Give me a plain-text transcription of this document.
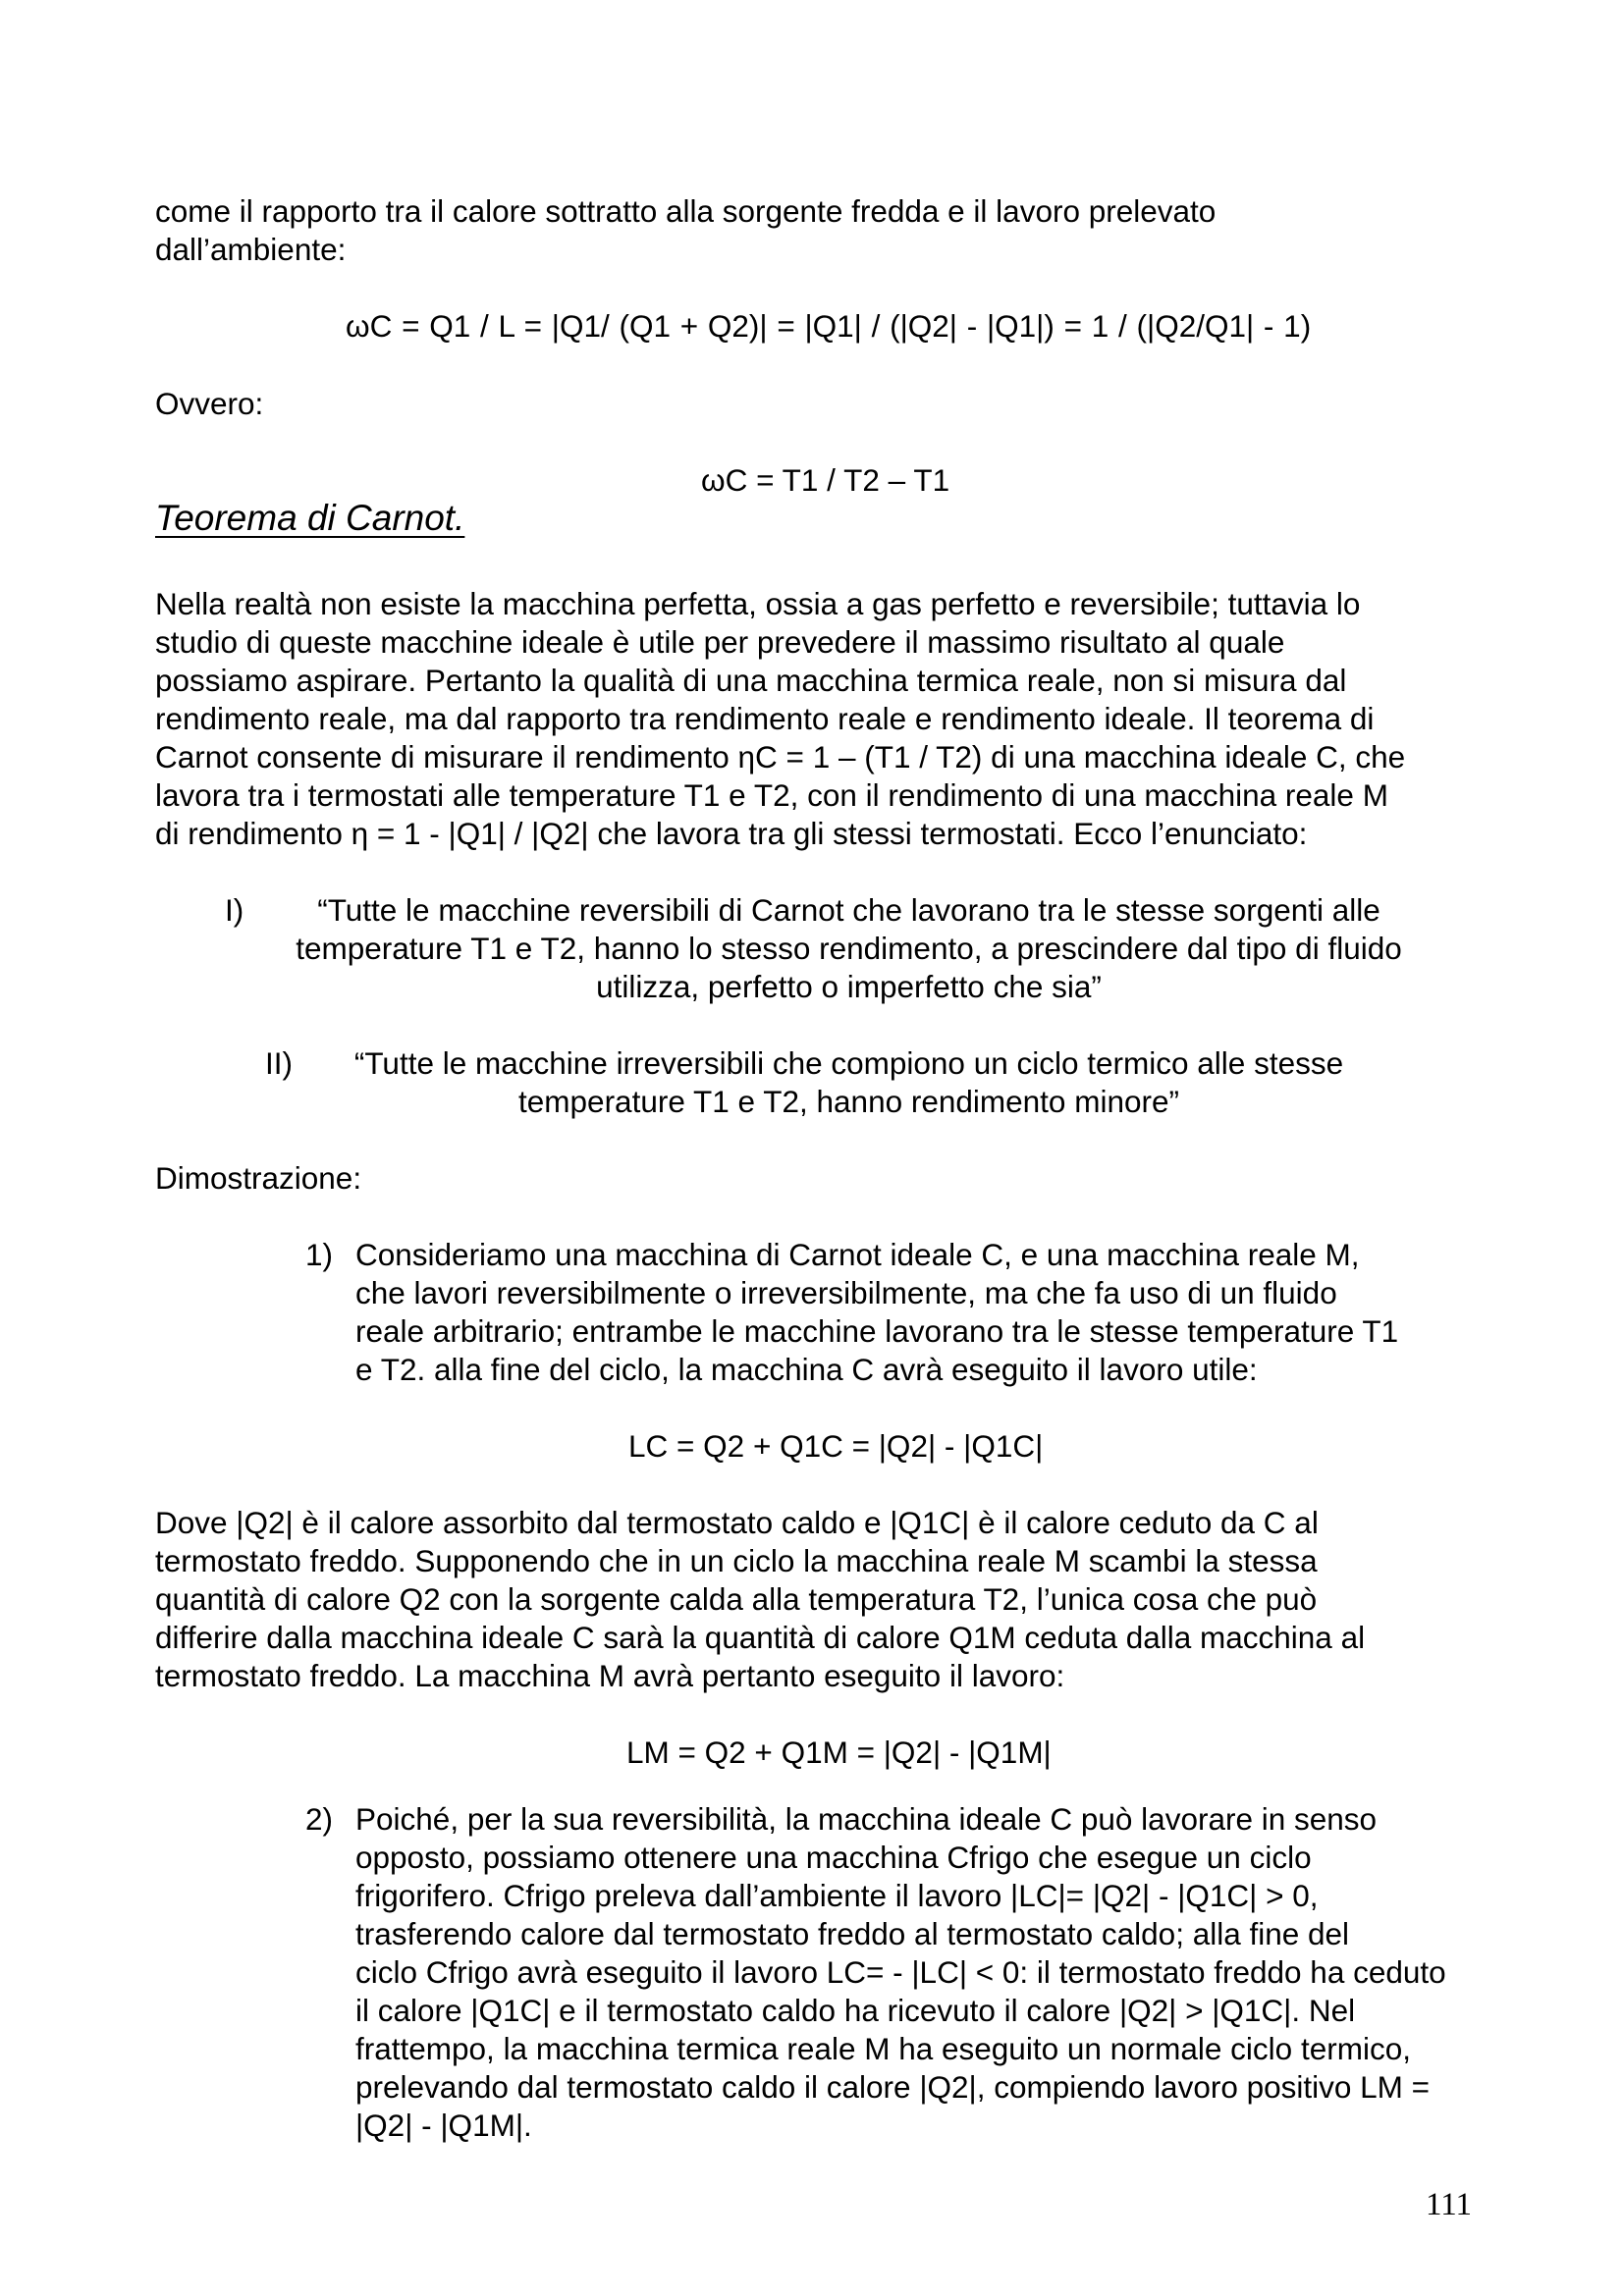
come il rapporto tra il calore sottratto alla sorgente fredda e il lavoro prelevato

dall’ambiente:

ωC = Q1 / L = |Q1/ (Q1 + Q2)| = |Q1| / (|Q2| - |Q1|) = 1 / (|Q2/Q1| - 1)

Ovvero:

ωC = T1 / T2 – T1

Teorema di Carnot.

Nella realtà non esiste la macchina perfetta, ossia a gas perfetto e reversibile; tuttavia lo

studio di queste macchine ideale è utile per prevedere il massimo risultato al quale

possiamo aspirare. Pertanto la qualità di una macchina termica reale, non si misura dal

rendimento reale, ma dal rapporto tra rendimento reale e rendimento ideale. Il teorema di

Carnot consente di misurare il rendimento ηC = 1 – (T1 / T2) di una macchina ideale C, che

lavora tra i termostati alle temperature T1 e T2, con il rendimento di una macchina reale M

di rendimento η = 1 - |Q1| / |Q2| che lavora tra gli stessi termostati. Ecco l’enunciato:

I)	“Tutte le macchine reversibili di Carnot che lavorano tra le stesse sorgenti alle

temperature T1 e T2, hanno lo stesso rendimento, a prescindere dal tipo di fluido

utilizza, perfetto o imperfetto che sia”

II)	“Tutte le macchine irreversibili che compiono un ciclo termico alle stesse

temperature T1 e T2, hanno rendimento minore”

Dimostrazione:

1) Consideriamo una macchina di Carnot ideale C, e una macchina reale M,

che lavori reversibilmente o irreversibilmente, ma che fa uso di un fluido

reale arbitrario; entrambe le macchine lavorano tra le stesse temperature T1

e T2. alla fine del ciclo, la macchina C avrà eseguito il lavoro utile:

LC = Q2 + Q1C = |Q2| - |Q1C|

Dove |Q2| è il calore assorbito dal termostato caldo e |Q1C| è il calore ceduto da C al

termostato freddo. Supponendo che in un ciclo la macchina reale M scambi la stessa

quantità di calore Q2 con la sorgente calda alla temperatura T2, l’unica cosa che può

differire dalla macchina ideale C sarà la quantità di calore Q1M ceduta dalla macchina al

termostato freddo. La macchina M avrà pertanto eseguito il lavoro:

LM = Q2 + Q1M = |Q2| - |Q1M|

2) Poiché, per la sua reversibilità, la macchina ideale C può lavorare in senso

opposto, possiamo ottenere una macchina Cfrigo che esegue un ciclo

frigorifero. Cfrigo preleva dall’ambiente il lavoro |LC|= |Q2| - |Q1C| > 0,

trasferendo calore dal termostato freddo al termostato caldo; alla fine del

ciclo Cfrigo avrà eseguito il lavoro LC= - |LC| < 0: il termostato freddo ha ceduto

il calore |Q1C| e il termostato caldo ha ricevuto il calore |Q2| > |Q1C|. Nel

frattempo, la macchina termica reale M ha eseguito un normale ciclo termico,

prelevando dal termostato caldo il calore |Q2|, compiendo lavoro positivo LM =

|Q2| - |Q1M|.

111
